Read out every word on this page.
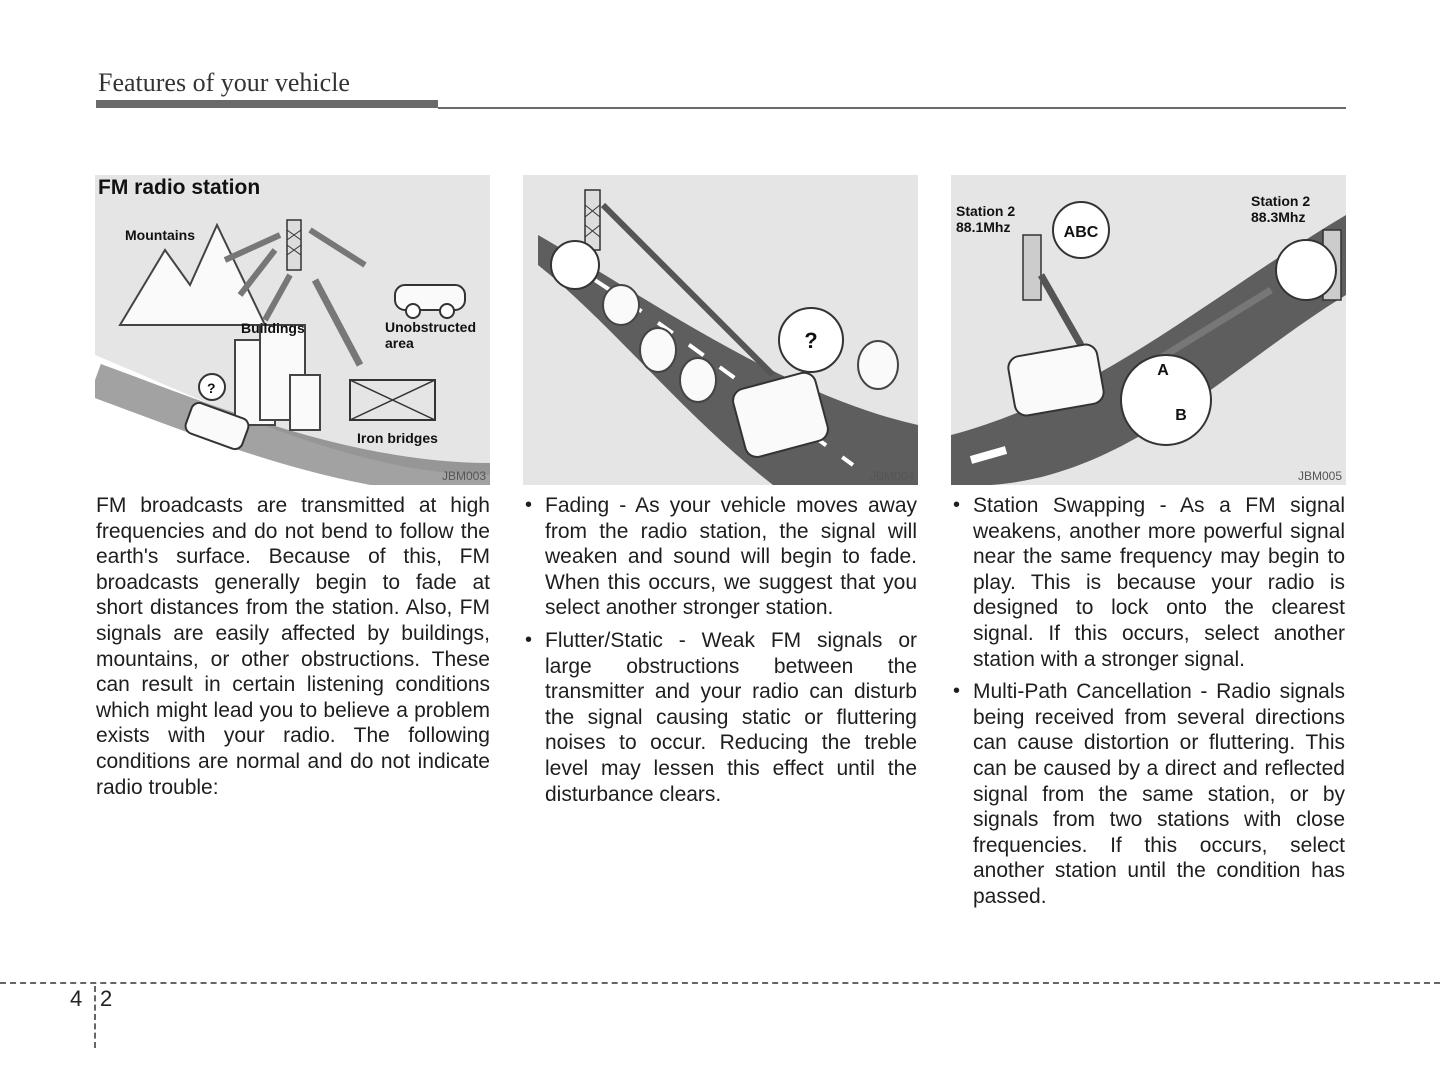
Features of your vehicle
FM radio station
Mountains
Buildings	Unobstructed area
Iron bridges
?
JBM003
?
JBM004
ABC
A
B
Station 2
88.1Mhz
Station 2
88.3Mhz
JBM005

FM broadcasts are transmitted at high frequencies and do not bend to follow the earth's surface. Because of this, FM broadcasts generally begin to fade at short distances from the station. Also, FM signals are easily affected by buildings, mountains, or other obstructions. These can result in certain listening conditions which might lead you to believe a problem exists with your radio. The following conditions are normal and do not indicate radio trouble:

• Fading - As your vehicle moves away from the radio station, the signal will weaken and sound will begin to fade. When this occurs, we suggest that you select another stronger station.
• Flutter/Static - Weak FM signals or large obstructions between the transmitter and your radio can disturb the signal causing static or fluttering noises to occur. Reducing the treble level may lessen this effect until the disturbance clears.
• Station Swapping - As a FM signal weakens, another more powerful signal near the same frequency may begin to play. This is because your radio is designed to lock onto the clearest signal. If this occurs, select another station with a stronger signal.
• Multi-Path Cancellation - Radio signals being received from several directions can cause distortion or fluttering. This can be caused by a direct and reflected signal from the same station, or by signals from two stations with close frequencies. If this occurs, select another station until the condition has passed.
4 2
